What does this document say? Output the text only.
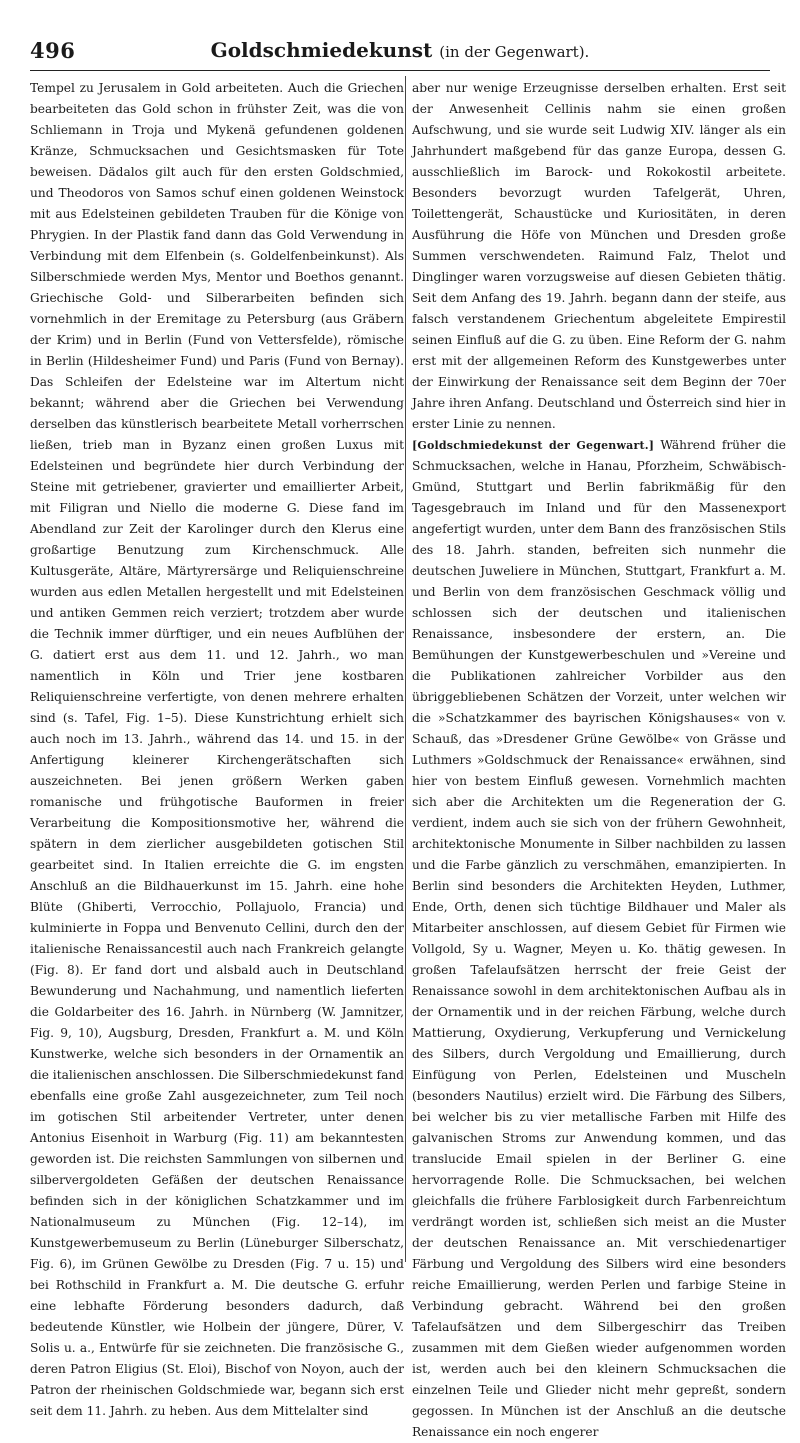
496	Goldschmiedekunst (in der Gegenwart).

Tempel zu Jerusalem in Gold arbeiteten. Auch die Griechen bearbeiteten das Gold schon in frühster Zeit, was die von Schliemann in Troja und Mykenä gefundenen goldenen Kränze, Schmucksachen und Gesichtsmasken für Tote beweisen. Dädalos gilt auch für den ersten Goldschmied, und Theodoros von Samos schuf einen goldenen Weinstock mit aus Edelsteinen gebildeten Trauben für die Könige von Phrygien. In der Plastik fand dann das Gold Verwendung in Verbindung mit dem Elfenbein (s. Goldelfenbeinkunst). Als Silberschmiede werden Mys, Mentor und Boethos genannt. Griechische Gold- und Silberarbeiten befinden sich vornehmlich in der Eremitage zu Petersburg (aus Gräbern der Krim) und in Berlin (Fund von Vettersfelde), römische in Berlin (Hildesheimer Fund) und Paris (Fund von Bernay). Das Schleifen der Edelsteine war im Altertum nicht bekannt; während aber die Griechen bei Verwendung derselben das künstlerisch bearbeitete Metall vorherrschen ließen, trieb man in Byzanz einen großen Luxus mit Edelsteinen und begründete hier durch Verbindung der Steine mit getriebener, gravierter und emaillierter Arbeit, mit Filigran und Niello die moderne G. Diese fand im Abendland zur Zeit der Karolinger durch den Klerus eine großartige Benutzung zum Kirchenschmuck. Alle Kultusgeräte, Altäre, Märtyrersärge und Reliquienschreine wurden aus edlen Metallen hergestellt und mit Edelsteinen und antiken Gemmen reich verziert; trotzdem aber wurde die Technik immer dürftiger, und ein neues Aufblühen der G. datiert erst aus dem 11. und 12. Jahrh., wo man namentlich in Köln und Trier jene kostbaren Reliquienschreine verfertigte, von denen mehrere erhalten sind (s. Tafel, Fig. 1–5). Diese Kunstrichtung erhielt sich auch noch im 13. Jahrh., während das 14. und 15. in der Anfertigung kleinerer Kirchengerätschaften sich auszeichneten. Bei jenen größern Werken gaben romanische und frühgotische Bauformen in freier Verarbeitung die Kompositionsmotive her, während die spätern in dem zierlicher ausgebildeten gotischen Stil gearbeitet sind. In Italien erreichte die G. im engsten Anschluß an die Bildhauerkunst im 15. Jahrh. eine hohe Blüte (Ghiberti, Verrocchio, Pollajuolo, Francia) und kulminierte in Foppa und Benvenuto Cellini, durch den der italienische Renaissancestil auch nach Frankreich gelangte (Fig. 8). Er fand dort und alsbald auch in Deutschland Bewunderung und Nachahmung, und namentlich lieferten die Goldarbeiter des 16. Jahrh. in Nürnberg (W. Jamnitzer, Fig. 9, 10), Augsburg, Dresden, Frankfurt a. M. und Köln Kunstwerke, welche sich besonders in der Ornamentik an die italienischen anschlossen. Die Silberschmiedekunst fand ebenfalls eine große Zahl ausgezeichneter, zum Teil noch im gotischen Stil arbeitender Vertreter, unter denen Antonius Eisenhoit in Warburg (Fig. 11) am bekanntesten geworden ist. Die reichsten Sammlungen von silbernen und silbervergoldeten Gefäßen der deutschen Renaissance befinden sich in der königlichen Schatzkammer und im Nationalmuseum zu München (Fig. 12–14), im Kunstgewerbemuseum zu Berlin (Lüneburger Silberschatz, Fig. 6), im Grünen Gewölbe zu Dresden (Fig. 7 u. 15) und bei Rothschild in Frankfurt a. M. Die deutsche G. erfuhr eine lebhafte Förderung besonders dadurch, daß bedeutende Künstler, wie Holbein der jüngere, Dürer, V. Solis u. a., Entwürfe für sie zeichneten. Die französische G., deren Patron Eligius (St. Eloi), Bischof von Noyon, auch der Patron der rheinischen Goldschmiede war, begann sich erst seit dem 11. Jahrh. zu heben. Aus dem Mittelalter sind

aber nur wenige Erzeugnisse derselben erhalten. Erst seit der Anwesenheit Cellinis nahm sie einen großen Aufschwung, und sie wurde seit Ludwig XIV. länger als ein Jahrhundert maßgebend für das ganze Europa, dessen G. ausschließlich im Barock- und Rokokostil arbeitete. Besonders bevorzugt wurden Tafelgerät, Uhren, Toilettengerät, Schaustücke und Kuriositäten, in deren Ausführung die Höfe von München und Dresden große Summen verschwendeten. Raimund Falz, Thelot und Dinglinger waren vorzugsweise auf diesen Gebieten thätig. Seit dem Anfang des 19. Jahrh. begann dann der steife, aus falsch verstandenem Griechentum abgeleitete Empirestil seinen Einfluß auf die G. zu üben. Eine Reform der G. nahm erst mit der allgemeinen Reform des Kunstgewerbes unter der Einwirkung der Renaissance seit dem Beginn der 70er Jahre ihren Anfang. Deutschland und Österreich sind hier in erster Linie zu nennen.

[Goldschmiedekunst der Gegenwart.] Während früher die Schmucksachen, welche in Hanau, Pforzheim, Schwäbisch-Gmünd, Stuttgart und Berlin fabrikmäßig für den Tagesgebrauch im Inland und für den Massenexport angefertigt wurden, unter dem Bann des französischen Stils des 18. Jahrh. standen, befreiten sich nunmehr die deutschen Juweliere in München, Stuttgart, Frankfurt a. M. und Berlin von dem französischen Geschmack völlig und schlossen sich der deutschen und italienischen Renaissance, insbesondere der erstern, an. Die Bemühungen der Kunstgewerbeschulen und »Vereine und die Publikationen zahlreicher Vorbilder aus den übriggebliebenen Schätzen der Vorzeit, unter welchen wir die »Schatzkammer des bayrischen Königshauses« von v. Schauß, das »Dresdener Grüne Gewölbe« von Grässe und Luthmers »Goldschmuck der Renaissance« erwähnen, sind hier von bestem Einfluß gewesen. Vornehmlich machten sich aber die Architekten um die Regeneration der G. verdient, indem auch sie sich von der frühern Gewohnheit, architektonische Monumente in Silber nachbilden zu lassen und die Farbe gänzlich zu verschmähen, emanzipierten. In Berlin sind besonders die Architekten Heyden, Luthmer, Ende, Orth, denen sich tüchtige Bildhauer und Maler als Mitarbeiter anschlossen, auf diesem Gebiet für Firmen wie Vollgold, Sy u. Wagner, Meyen u. Ko. thätig gewesen. In großen Tafelaufsätzen herrscht der freie Geist der Renaissance sowohl in dem architektonischen Aufbau als in der Ornamentik und in der reichen Färbung, welche durch Mattierung, Oxydierung, Verkupferung und Vernickelung des Silbers, durch Vergoldung und Emaillierung, durch Einfügung von Perlen, Edelsteinen und Muscheln (besonders Nautilus) erzielt wird. Die Färbung des Silbers, bei welcher bis zu vier metallische Farben mit Hilfe des galvanischen Stroms zur Anwendung kommen, und das translucide Email spielen in der Berliner G. eine hervorragende Rolle. Die Schmucksachen, bei welchen gleichfalls die frühere Farblosigkeit durch Farbenreichtum verdrängt worden ist, schließen sich meist an die Muster der deutschen Renaissance an. Mit verschiedenartiger Färbung und Vergoldung des Silbers wird eine besonders reiche Emaillierung, werden Perlen und farbige Steine in Verbindung gebracht. Während bei den großen Tafelaufsätzen und dem Silbergeschirr das Treiben zusammen mit dem Gießen wieder aufgenommen worden ist, werden auch bei den kleinern Schmucksachen die einzelnen Teile und Glieder nicht mehr gepreßt, sondern gegossen. In München ist der Anschluß an die deutsche Renaissance ein noch engerer
